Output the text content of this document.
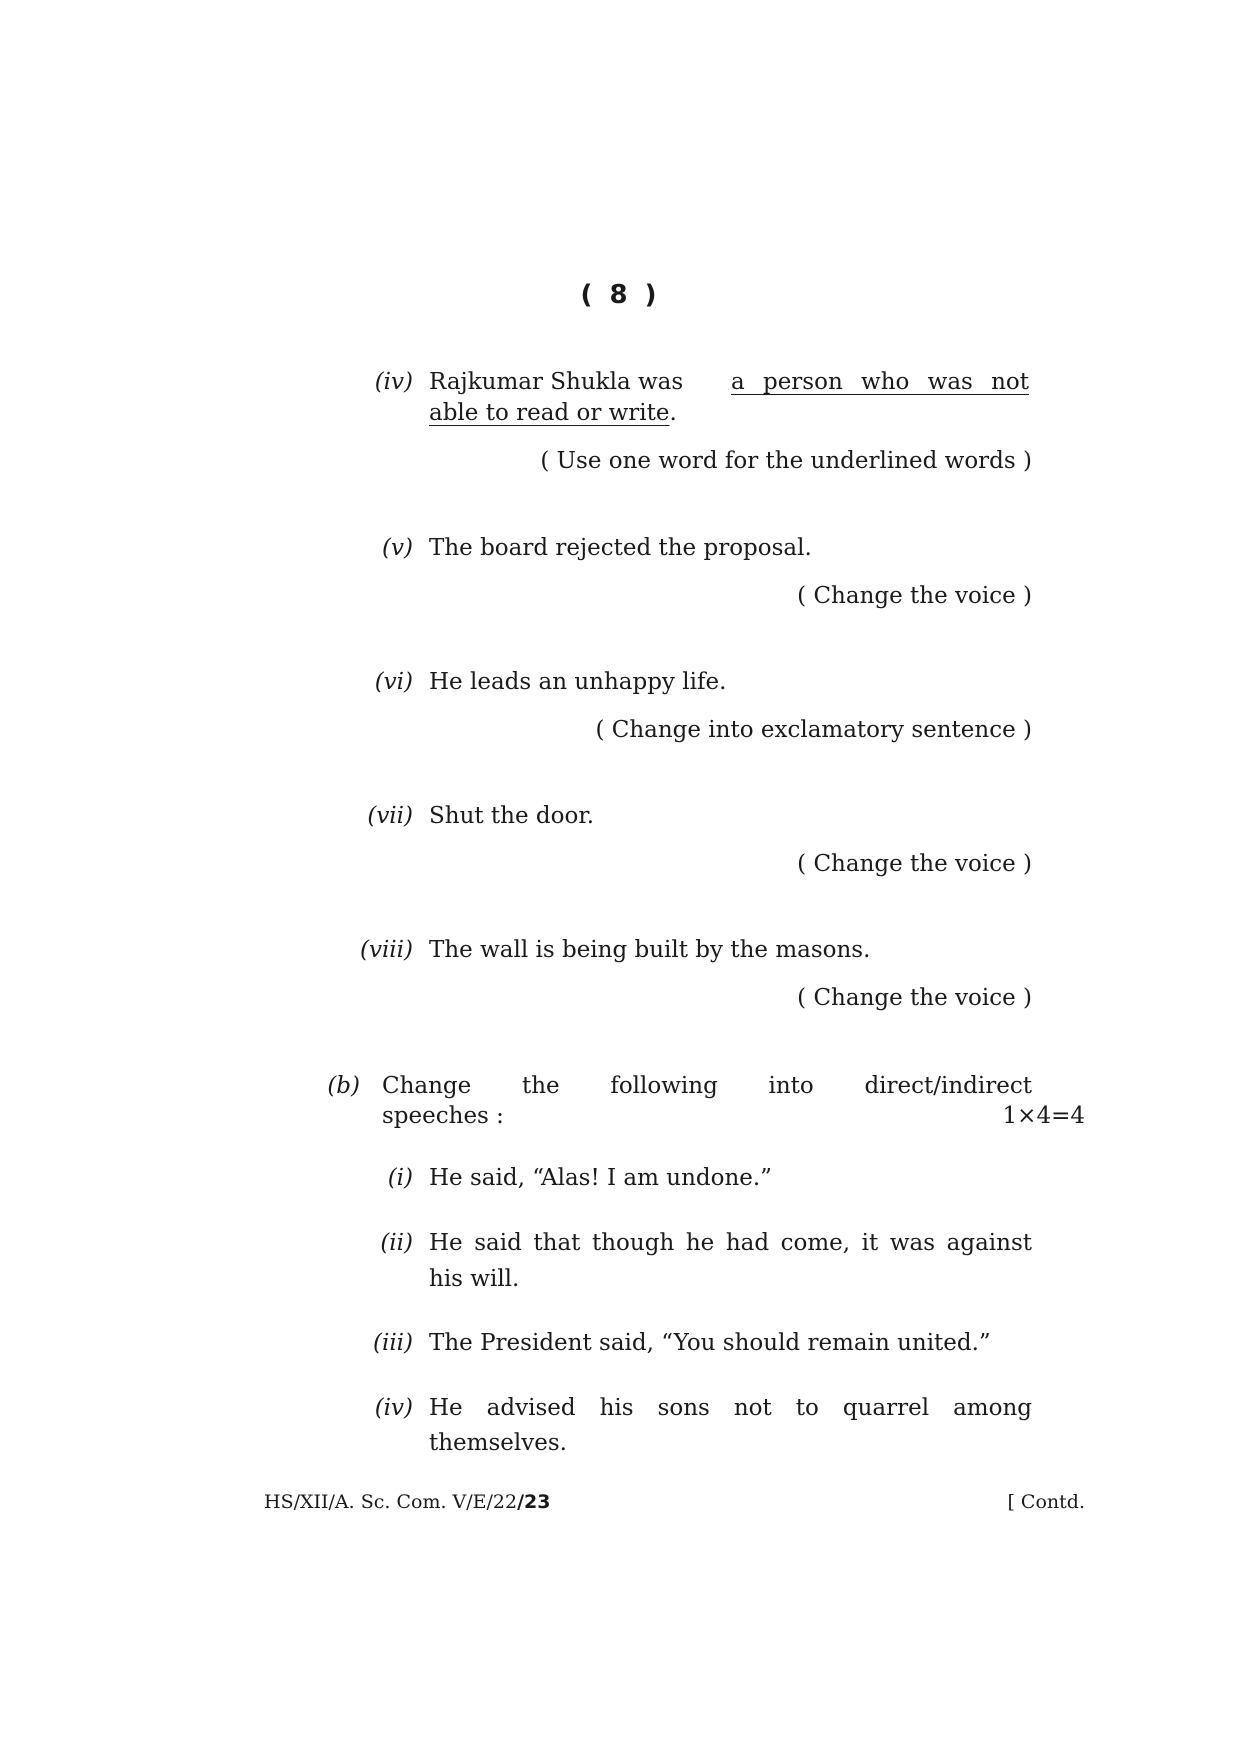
( 8 )
(iv) Rajkumar Shukla was a person who was not
able to read or write.
( Use one word for the underlined words )
(v) The board rejected the proposal.
( Change the voice )
(vi) He leads an unhappy life.
( Change into exclamatory sentence )
(vii) Shut the door.
( Change the voice )
(viii) The wall is being built by the masons.
( Change the voice )
(b) Change the following into direct/indirect
speeches :	1×4=4
(i) He said, “Alas! I am undone.”
(ii) He said that though he had come, it was against
his will.
(iii) The President said, “You should remain united.”
(iv) He advised his sons not to quarrel among
themselves.
HS/XII/A. Sc. Com. V/E/22/23	[ Contd.
